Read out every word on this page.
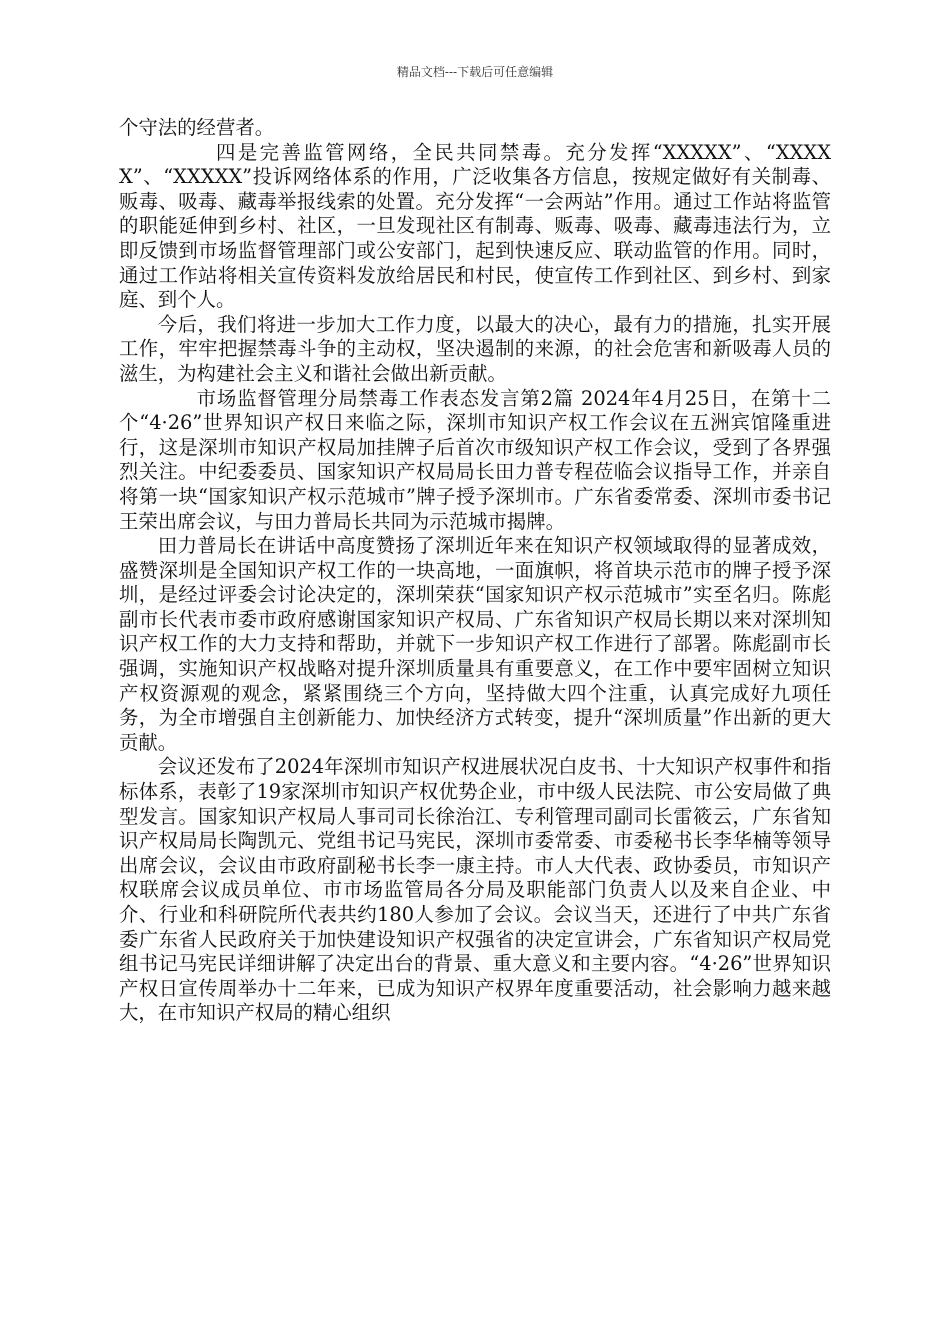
精品文档---下载后可任意编辑

个守法的经营者。

四是完善监管网络，全民共同禁毒。充分发挥“XXXXX”、“XXXXX”、“XXXXX”投诉网络体系的作用，广泛收集各方信息，按规定做好有关制毒、贩毒、吸毒、藏毒举报线索的处置。充分发挥“一会两站”作用。通过工作站将监管的职能延伸到乡村、社区，一旦发现社区有制毒、贩毒、吸毒、藏毒违法行为，立即反馈到市场监督管理部门或公安部门，起到快速反应、联动监管的作用。同时，通过工作站将相关宣传资料发放给居民和村民，使宣传工作到社区、到乡村、到家庭、到个人。

今后，我们将进一步加大工作力度，以最大的决心，最有力的措施，扎实开展工作，牢牢把握禁毒斗争的主动权，坚决遏制的来源，的社会危害和新吸毒人员的滋生，为构建社会主义和谐社会做出新贡献。

市场监督管理分局禁毒工作表态发言第2篇 2024年4月25日，在第十二个“4·26”世界知识产权日来临之际，深圳市知识产权工作会议在五洲宾馆隆重进行，这是深圳市知识产权局加挂牌子后首次市级知识产权工作会议，受到了各界强烈关注。中纪委委员、国家知识产权局局长田力普专程莅临会议指导工作，并亲自将第一块“国家知识产权示范城市”牌子授予深圳市。广东省委常委、深圳市委书记王荣出席会议，与田力普局长共同为示范城市揭牌。

田力普局长在讲话中高度赞扬了深圳近年来在知识产权领域取得的显著成效，盛赞深圳是全国知识产权工作的一块高地，一面旗帜，将首块示范市的牌子授予深圳，是经过评委会讨论决定的，深圳荣获“国家知识产权示范城市”实至名归。陈彪副市长代表市委市政府感谢国家知识产权局、广东省知识产权局长期以来对深圳知识产权工作的大力支持和帮助，并就下一步知识产权工作进行了部署。陈彪副市长强调，实施知识产权战略对提升深圳质量具有重要意义，在工作中要牢固树立知识产权资源观的观念，紧紧围绕三个方向，坚持做大四个注重，认真完成好九项任务，为全市增强自主创新能力、加快经济方式转变，提升“深圳质量”作出新的更大贡献。

会议还发布了2024年深圳市知识产权进展状况白皮书、十大知识产权事件和指标体系，表彰了19家深圳市知识产权优势企业，市中级人民法院、市公安局做了典型发言。国家知识产权局人事司司长徐治江、专利管理司副司长雷筱云，广东省知识产权局局长陶凯元、党组书记马宪民，深圳市委常委、市委秘书长李华楠等领导出席会议，会议由市政府副秘书长李一康主持。市人大代表、政协委员，市知识产权联席会议成员单位、市市场监管局各分局及职能部门负责人以及来自企业、中介、行业和科研院所代表共约180人参加了会议。会议当天，还进行了中共广东省委广东省人民政府关于加快建设知识产权强省的决定宣讲会，广东省知识产权局党组书记马宪民详细讲解了决定出台的背景、重大意义和主要内容。“4·26”世界知识产权日宣传周举办十二年来，已成为知识产权界年度重要活动，社会影响力越来越大，在市知识产权局的精心组织
